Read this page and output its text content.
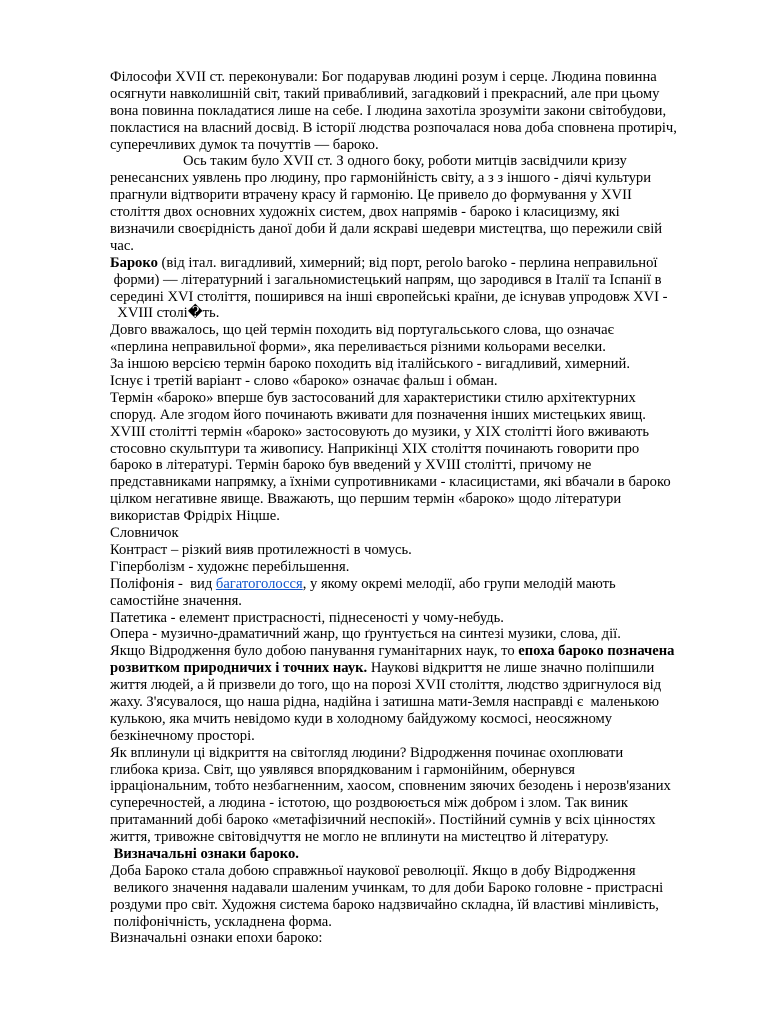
Філософи XVII ст. переконували: Бог подарував людині розум і серце. Людина повинна
осягнути навколишній світ, такий привабливий, загадковий і прекрасний, але при цьому
вона повинна покладатися лише на себе. І людина захотіла зрозуміти закони світобудови,
покластися на власний досвід. В історії людства розпочалася нова доба сповнена протиріч,
суперечливих думок та почуттів — бароко.
Ось таким було XVII ст. З одного боку, роботи митців засвідчили кризу
ренесансних уявлень про людину, про гармонійність світу, а з з іншого - діячі культури
прагнули відтворити втрачену красу й гармонію. Це привело до формування у XVII
століття двох основних художніх систем, двох напрямів - бароко і класицизму, які
визначили своєрідність даної доби й дали яскраві шедеври мистецтва, що пережили свій
час.
Бароко (від італ. вигадливий, химерний; від порт, perolo baroko - перлина неправильної
форми) — літературний і загальномистецький напрям, що зародився в Італії та Іспанії в
середині XVI століття, поширився на інші європейські країни, де існував упродовж XVI -
XVIII столі�ть.
Довго вважалось, що цей термін походить від португальського слова, що означає
«перлина неправильної форми», яка переливається різними кольорами веселки.
За іншою версією термін бароко походить від італійського - вигадливий, химерний.
Існує і третій варіант - слово «бароко» означає фальш і обман.
Термін «бароко» вперше був застосований для характеристики стилю архітектурних
споруд. Але згодом його починають вживати для позначення інших мистецьких явищ.
XVIII столітті термін «бароко» застосовують до музики, у XIX столітті його вживають
стосовно скульптури та живопису. Наприкінці XIX століття починають говорити про
бароко в літературі. Термін бароко був введений у XVIII столітті, причому не
представниками напрямку, а їхніми супротивниками - класицистами, які вбачали в бароко
цілком негативне явище. Вважають, що першим термін «бароко» щодо літератури
використав Фрідріх Ніцше.
Словничок
Контраст – різкий вияв протилежності в чомусь.
Гіперболізм - художнє перебільшення.
Поліфонія -  вид багатоголосся, у якому окремі мелодії, або групи мелодій мають
самостійне значення.
Патетика - елемент пристрасності, піднесеності у чому-небудь.
Опера - музично-драматичний жанр, що ґрунтується на синтезі музики, слова, дії.
Якщо Відродження було добою панування гуманітарних наук, то епоха бароко позначена
розвитком природничих і точних наук. Наукові відкриття не лише значно поліпшили
життя людей, а й призвели до того, що на порозі XVII століття, людство здригнулося від
жаху. З'ясувалося, що наша рідна, надійна і затишна мати-Земля насправді є  маленькою
кулькою, яка мчить невідомо куди в холодному байдужому космосі, неосяжному
безкінечному просторі.
Як вплинули ці відкриття на світогляд людини? Відродження починає охоплювати
глибока криза. Світ, що уявлявся впорядкованим і гармонійним, обернувся
ірраціональним, тобто незбагненним, хаосом, сповненим зяючих безодень і нерозв'язаних
суперечностей, а людина - істотою, що роздвоюється між добром і злом. Так виник
притаманний добі бароко «метафізичний неспокій». Постійний сумнів у всіх цінностях
життя, тривожне світовідчуття не могло не вплинути на мистецтво й літературу.
Визначальні ознаки бароко.
Доба Бароко стала добою справжньої наукової революції. Якщо в добу Відродження
великого значення надавали шаленим учинкам, то для доби Бароко головне - пристрасні
роздуми про світ. Художня система бароко надзвичайно складна, їй властиві мінливість,
поліфонічність, ускладнена форма.
Визначальні ознаки епохи бароко:
